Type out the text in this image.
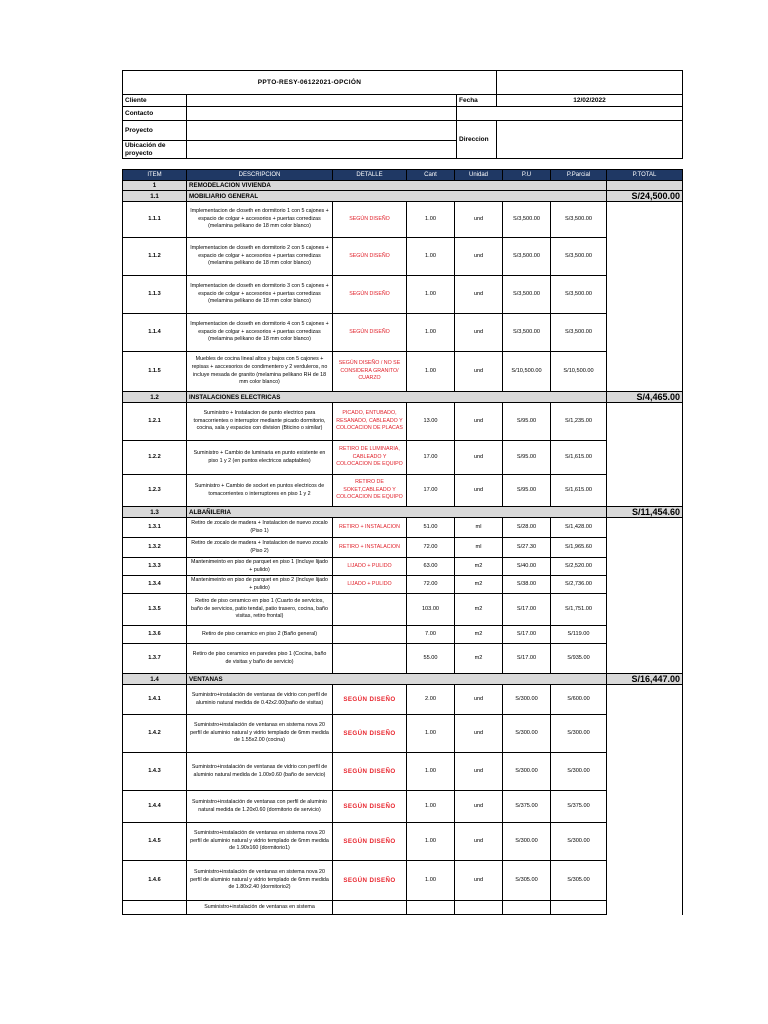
PPTO-RESY-06122021-OPCIÓN			
Cliente		Fecha	12/02/2022
Contacto			
Proyecto		Direccion	
Ubicación de proyecto			
ITEM	DESCRIPCION	DETALLE	Cant	Unidad	P.U	P.Parcial	P.TOTAL
1	REMODELACION VIVIENDA						
1.1	MOBILIARIO GENERAL						S/24,500.00
1.1.1	Implementacion de closeth en dormitorio 1 con 5 cajones + espacio de colgar + accesorios + puertas corredizas (melamina pelikano de 18 mm color blanco)	SEGÚN DISEÑO	1.00	und	S/3,500.00	S/3,500.00	
1.1.2	Implementacion de closeth en dormitorio 2 con 5 cajones + espacio de colgar + accesorios + puertas corredizas (melamina pelikano de 18 mm color blanco)	SEGÚN DISEÑO	1.00	und	S/3,500.00	S/3,500.00	
1.1.3	Implementacion de closeth en dormitorio 3 con 5 cajones + espacio de colgar + accesorios + puertas corredizas (melamina pelikano de 18 mm color blanco)	SEGÚN DISEÑO	1.00	und	S/3,500.00	S/3,500.00	
1.1.4	Implementacion de closeth en dormitorio 4 con 5 cajones + espacio de colgar + accesorios + puertas corredizas (melamina pelikano de 18 mm color blanco)	SEGÚN DISEÑO	1.00	und	S/3,500.00	S/3,500.00	
1.1.5	Muebles de cocina lineal altos y bajos con 5 cajones + repisas + asccesorios de condimentero y 2 verduleros, no incluye mesada de granito (melamina pelikano RH de 18 mm color blanco)	SEGÚN DISEÑO / NO SE CONSIDERA GRANITO/ CUARZO	1.00	und	S/10,500.00	S/10,500.00	
1.2	INSTALACIONES ELECTRICAS						S/4,465.00
1.2.1	Suministro + Instalacion de punto electrico para tomacorrientes o interruptor mediante picado dormitorio, cocina, sala y espacios con division (Bticino o similar)	PICADO, ENTUBADO, RESANADO, CABLEADO Y COLOCACION DE PLACAS	13.00	und	S/95.00	S/1,235.00	
1.2.2	Suministro + Cambio de luminaria en punto existente en piso 1 y 2 (en puntos electricos adaptables)	RETIRO DE LUMINARIA, CABLEADO Y COLOCACION DE EQUIPO	17.00	und	S/95.00	S/1,615.00	
1.2.3	Suministro + Cambio de socket en puntos electricos de tomacorrientes o interruptores en piso 1 y 2	RETIRO DE SOKET,CABLEADO Y COLOCACION DE EQUIPO	17.00	und	S/95.00	S/1,615.00	
1.3	ALBAÑILERIA						S/11,454.60
1.3.1	Retiro de zocalo de madera + Instalacion de nuevo zocalo (Piso 1)	RETIRO + INSTALACION	51.00	ml	S/28.00	S/1,428.00	
1.3.2	Retiro de zocalo de madera + Instalacion de nuevo zocalo (Piso 2)	RETIRO + INSTALACION	72.00	ml	S/27.30	S/1,965.60	
1.3.3	Mantenimeinto en piso de parquet en piso 1 (Incluye lijado + pulido)	LIJADO + PULIDO	63.00	m2	S/40.00	S/2,520.00	
1.3.4	Mantenimeinto en piso de parquet en piso 2 (Incluye lijado + pulido)	LIJADO + PULIDO	72.00	m2	S/38.00	S/2,736.00	
1.3.5	Retiro de piso ceramico en piso 1 (Cuarto de servicios, baño de servicios, patio tendal, patio trasero, cocina, baño visitas, retiro frontal)		103.00	m2	S/17.00	S/1,751.00	
1.3.6	Retiro de piso ceramico en piso 2 (Baño general)		7.00	m2	S/17.00	S/119.00	
1.3.7	Retiro de piso ceramico en paredes piso 1 (Cocina, baño de visitas y baño de servicio)		55.00	m2	S/17.00	S/935.00	
1.4	VENTANAS						S/16,447.00
1.4.1	Suministro+instalación de ventanas de vidrio con perfil de aluminio natural medida de 0.42x2.00(baño de visitas)	SEGÚN DISEÑO	2.00	und	S/300.00	S/600.00	
1.4.2	Suministro+instalación de ventanas en sistema nova 20 perfil de aluminio natural y vidrio templado de 6mm medida de 1.55x2.00 (cocina)	SEGÚN DISEÑO	1.00	und	S/300.00	S/300.00	
1.4.3	Suministro+instalación de ventanas de vidrio con perfil de aluminio natural medida de 1.00x0.60 (baño de servicio)	SEGÚN DISEÑO	1.00	und	S/300.00	S/300.00	
1.4.4	Suministro+instalación de ventanas con perfil de aluminio natural medida de 1.20x0.60 (dormitorio de servicio)	SEGÚN DISEÑO	1.00	und	S/375.00	S/375.00	
1.4.5	Suministro+instalación de ventanas en sistema nova 20 perfil de aluminio natural y vidrio templado de 6mm medida de 1.90x160 (dormitorio1)	SEGÚN DISEÑO	1.00	und	S/300.00	S/300.00	
1.4.6	Suministro+instalación de ventanas en sistema nova 20 perfil de aluminio natural y vidrio templado de 6mm medida de 1.80x2.40 (dormitorio2)	SEGÚN DISEÑO	1.00	und	S/305.00	S/305.00	
	Suministro+instalación de ventanas en sistema						
